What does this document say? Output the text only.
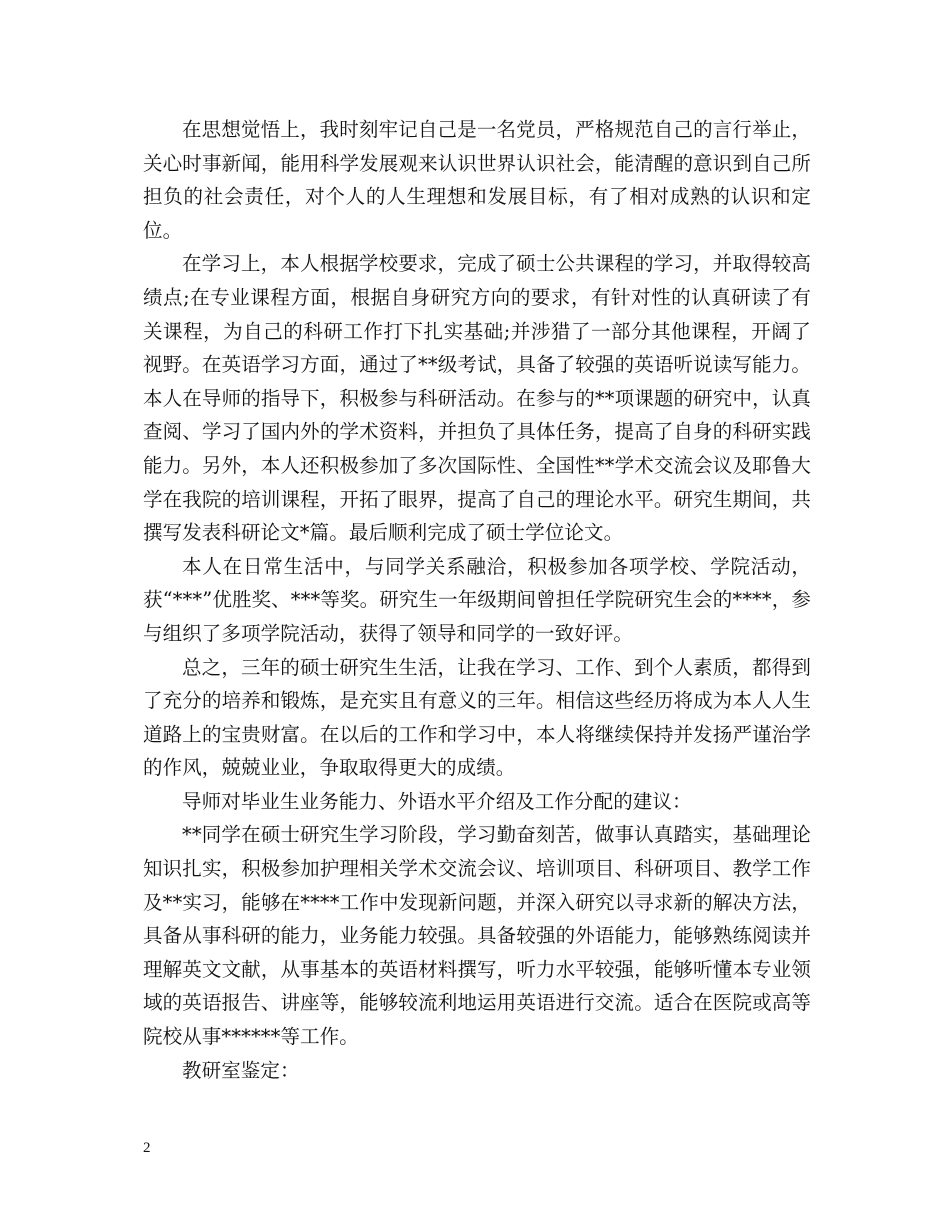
在思想觉悟上，我时刻牢记自己是一名党员，严格规范自己的言行举止，关心时事新闻，能用科学发展观来认识世界认识社会，能清醒的意识到自己所担负的社会责任，对个人的人生理想和发展目标，有了相对成熟的认识和定位。

在学习上，本人根据学校要求，完成了硕士公共课程的学习，并取得较高绩点;在专业课程方面，根据自身研究方向的要求，有针对性的认真研读了有关课程，为自己的科研工作打下扎实基础;并涉猎了一部分其他课程，开阔了视野。在英语学习方面，通过了**级考试，具备了较强的英语听说读写能力。本人在导师的指导下，积极参与科研活动。在参与的**项课题的研究中，认真查阅、学习了国内外的学术资料，并担负了具体任务，提高了自身的科研实践能力。另外，本人还积极参加了多次国际性、全国性**学术交流会议及耶鲁大学在我院的培训课程，开拓了眼界，提高了自己的理论水平。研究生期间，共撰写发表科研论文*篇。最后顺利完成了硕士学位论文。

本人在日常生活中，与同学关系融洽，积极参加各项学校、学院活动，获“***”优胜奖、***等奖。研究生一年级期间曾担任学院研究生会的****，参与组织了多项学院活动，获得了领导和同学的一致好评。

总之，三年的硕士研究生生活，让我在学习、工作、到个人素质，都得到了充分的培养和锻炼，是充实且有意义的三年。相信这些经历将成为本人人生道路上的宝贵财富。在以后的工作和学习中，本人将继续保持并发扬严谨治学的作风，兢兢业业，争取取得更大的成绩。

导师对毕业生业务能力、外语水平介绍及工作分配的建议：

**同学在硕士研究生学习阶段，学习勤奋刻苦，做事认真踏实，基础理论知识扎实，积极参加护理相关学术交流会议、培训项目、科研项目、教学工作及**实习，能够在****工作中发现新问题，并深入研究以寻求新的解决方法，具备从事科研的能力，业务能力较强。具备较强的外语能力，能够熟练阅读并理解英文文献，从事基本的英语材料撰写，听力水平较强，能够听懂本专业领域的英语报告、讲座等，能够较流利地运用英语进行交流。适合在医院或高等院校从事******等工作。

教研室鉴定：

2
